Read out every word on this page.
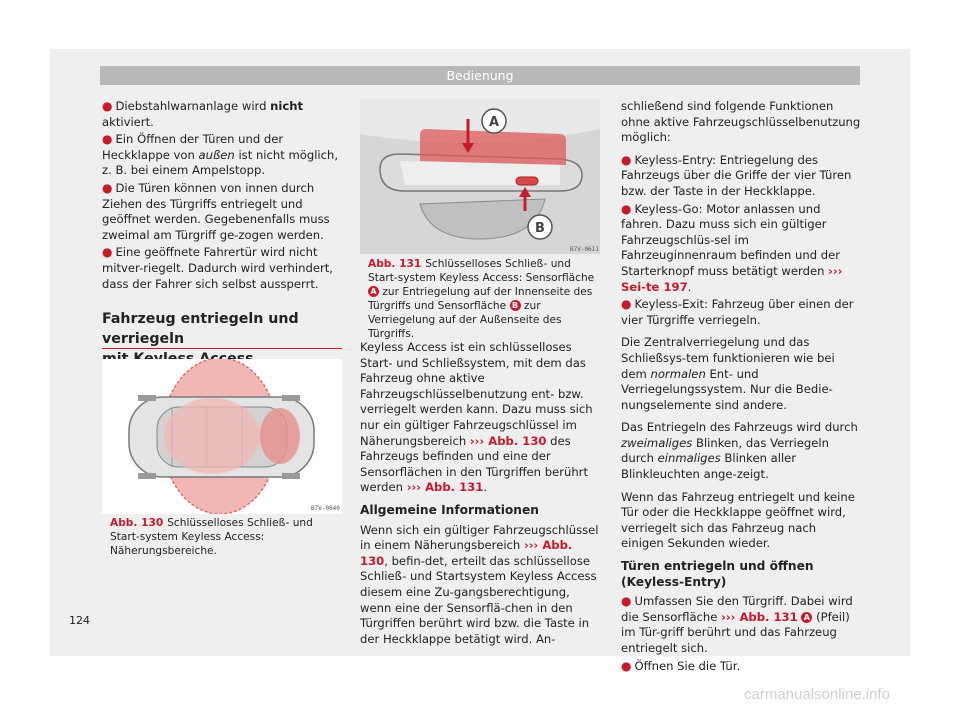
Bedienung
● Diebstahlwarnanlage wird nicht aktiviert.
● Ein Öffnen der Türen und der Heckklappe von außen ist nicht möglich, z. B. bei einem Ampelstopp.
● Die Türen können von innen durch Ziehen des Türgriffs entriegelt und geöffnet werden. Gegebenenfalls muss zweimal am Türgriff ge-zogen werden.
● Eine geöffnete Fahrertür wird nicht mitver-riegelt. Dadurch wird verhindert, dass der Fahrer sich selbst aussperrt.
Fahrzeug entriegeln und verriegeln
B7V-0840
Abb. 130 Schlüsselloses Schließ- und Start-system Keyless Access: Näherungsbereiche.
A
B
B7V-0611
Abb. 131 Schlüsselloses Schließ- und Start-system Keyless Access: Sensorfläche A zur Entriegelung auf der Innenseite des Türgriffs und Sensorfläche B zur Verriegelung auf der Außenseite des Türgriffs.

Keyless Access ist ein schlüsselloses Start- und Schließsystem, mit dem das Fahrzeug ohne aktive Fahrzeugschlüsselbenutzung ent- bzw. verriegelt werden kann. Dazu muss sich nur ein gültiger Fahrzeugschlüssel im Näherungsbereich ››› Abb. 130 des Fahrzeugs befinden und eine der Sensorflächen in den Türgriffen berührt werden ››› Abb. 131.

Allgemeine Informationen

Wenn sich ein gültiger Fahrzeugschlüssel in einem Näherungsbereich ››› Abb. 130, befin-det, erteilt das schlüssellose Schließ- und Startsystem Keyless Access diesem eine Zu-gangsberechtigung, wenn eine der Sensorflä-chen in den Türgriffen berührt wird bzw. die Taste in der Heckklappe betätigt wird. An-

schließend sind folgende Funktionen ohne aktive Fahrzeugschlüsselbenutzung möglich:

● Keyless-Entry: Entriegelung des Fahrzeugs über die Griffe der vier Türen bzw. der Taste in der Heckklappe.
● Keyless-Go: Motor anlassen und fahren. Dazu muss sich ein gültiger Fahrzeugschlüs-sel im Fahrzeuginnenraum befinden und der Starterknopf muss betätigt werden ››› Sei-te 197.
● Keyless-Exit: Fahrzeug über einen der vier Türgriffe verriegeln.

Die Zentralverriegelung und das Schließsys-tem funktionieren wie bei dem normalen Ent- und Verriegelungssystem. Nur die Bedie-nungselemente sind andere.

Das Entriegeln des Fahrzeugs wird durch zweimaliges Blinken, das Verriegeln durch einmaliges Blinken aller Blinkleuchten ange-zeigt.

Wenn das Fahrzeug entriegelt und keine Tür oder die Heckklappe geöffnet wird, verriegelt sich das Fahrzeug nach einigen Sekunden wieder.

Türen entriegeln und öffnen (Keyless-Entry)
● Umfassen Sie den Türgriff. Dabei wird die Sensorfläche ››› Abb. 131 A (Pfeil) im Tür-griff berührt und das Fahrzeug entriegelt sich.
● Öffnen Sie die Tür.
124
carmanualsonline.info
